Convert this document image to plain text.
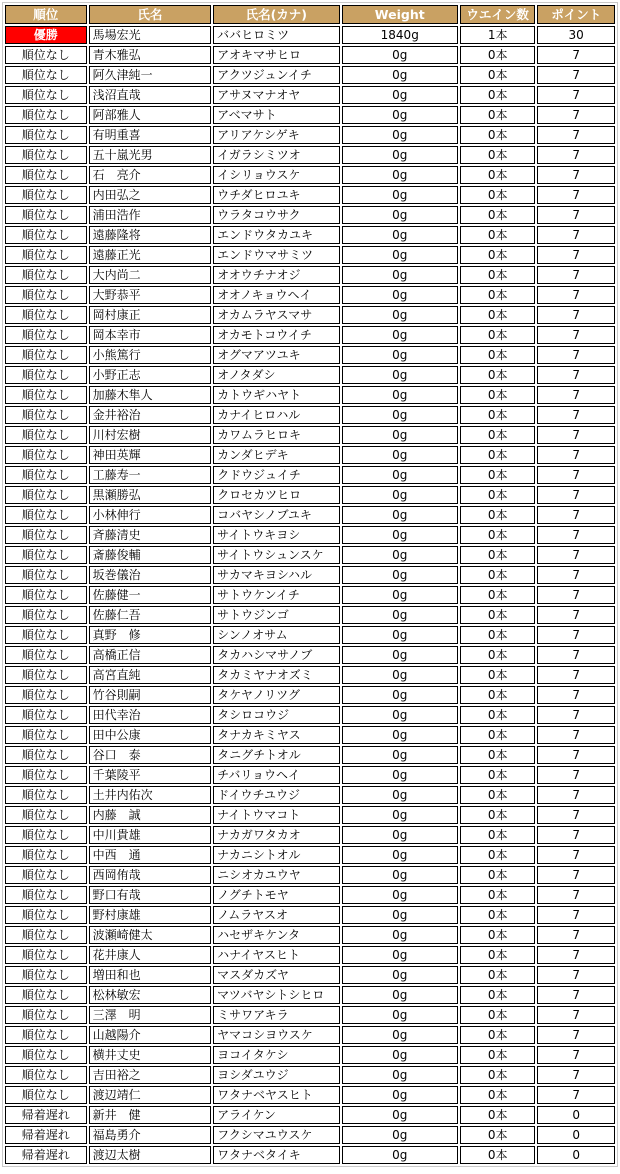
順位	氏名	氏名(カナ)	Weight	ウエイン数	ポイント
優勝	馬場宏光	ババヒロミツ	1840g	1本	30
順位なし	青木雅弘	アオキマサヒロ	0g	0本	7
順位なし	阿久津純一	アクツジュンイチ	0g	0本	7
順位なし	浅沼直哉	アサヌマナオヤ	0g	0本	7
順位なし	阿部雅人	アベマサト	0g	0本	7
順位なし	有明重喜	アリアケシゲキ	0g	0本	7
順位なし	五十嵐光男	イガラシミツオ	0g	0本	7
順位なし	石　亮介	イシリョウスケ	0g	0本	7
順位なし	内田弘之	ウチダヒロユキ	0g	0本	7
順位なし	浦田浩作	ウラタコウサク	0g	0本	7
順位なし	遠藤隆将	エンドウタカユキ	0g	0本	7
順位なし	遠藤正光	エンドウマサミツ	0g	0本	7
順位なし	大内尚二	オオウチナオジ	0g	0本	7
順位なし	大野恭平	オオノキョウヘイ	0g	0本	7
順位なし	岡村康正	オカムラヤスマサ	0g	0本	7
順位なし	岡本幸市	オカモトコウイチ	0g	0本	7
順位なし	小熊篤行	オグマアツユキ	0g	0本	7
順位なし	小野正志	オノタダシ	0g	0本	7
順位なし	加藤木隼人	カトウギハヤト	0g	0本	7
順位なし	金井裕治	カナイヒロハル	0g	0本	7
順位なし	川村宏樹	カワムラヒロキ	0g	0本	7
順位なし	神田英輝	カンダヒデキ	0g	0本	7
順位なし	工藤寿一	クドウジュイチ	0g	0本	7
順位なし	黒瀬勝弘	クロセカツヒロ	0g	0本	7
順位なし	小林伸行	コバヤシノブユキ	0g	0本	7
順位なし	斉藤清史	サイトウキヨシ	0g	0本	7
順位なし	斎藤俊輔	サイトウシュンスケ	0g	0本	7
順位なし	坂巻儀治	サカマキヨシハル	0g	0本	7
順位なし	佐藤健一	サトウケンイチ	0g	0本	7
順位なし	佐藤仁吾	サトウジンゴ	0g	0本	7
順位なし	真野　修	シンノオサム	0g	0本	7
順位なし	高橋正信	タカハシマサノブ	0g	0本	7
順位なし	高宮直純	タカミヤナオズミ	0g	0本	7
順位なし	竹谷則嗣	タケヤノリツグ	0g	0本	7
順位なし	田代幸治	タシロコウジ	0g	0本	7
順位なし	田中公康	タナカキミヤス	0g	0本	7
順位なし	谷口　泰	タニグチトオル	0g	0本	7
順位なし	千葉陵平	チバリョウヘイ	0g	0本	7
順位なし	土井内佑次	ドイウチユウジ	0g	0本	7
順位なし	内藤　誠	ナイトウマコト	0g	0本	7
順位なし	中川貴雄	ナカガワタカオ	0g	0本	7
順位なし	中西　通	ナカニシトオル	0g	0本	7
順位なし	西岡侑哉	ニシオカユウヤ	0g	0本	7
順位なし	野口有哉	ノグチトモヤ	0g	0本	7
順位なし	野村康雄	ノムラヤスオ	0g	0本	7
順位なし	波瀬崎健太	ハセザキケンタ	0g	0本	7
順位なし	花井康人	ハナイヤスヒト	0g	0本	7
順位なし	増田和也	マスダカズヤ	0g	0本	7
順位なし	松林敏宏	マツバヤシトシヒロ	0g	0本	7
順位なし	三澤　明	ミサワアキラ	0g	0本	7
順位なし	山越陽介	ヤマコシヨウスケ	0g	0本	7
順位なし	横井丈史	ヨコイタケシ	0g	0本	7
順位なし	吉田裕之	ヨシダユウジ	0g	0本	7
順位なし	渡辺靖仁	ワタナベヤスヒト	0g	0本	7
帰着遅れ	新井　健	アライケン	0g	0本	0
帰着遅れ	福島勇介	フクシマユウスケ	0g	0本	0
帰着遅れ	渡辺太樹	ワタナベタイキ	0g	0本	0
